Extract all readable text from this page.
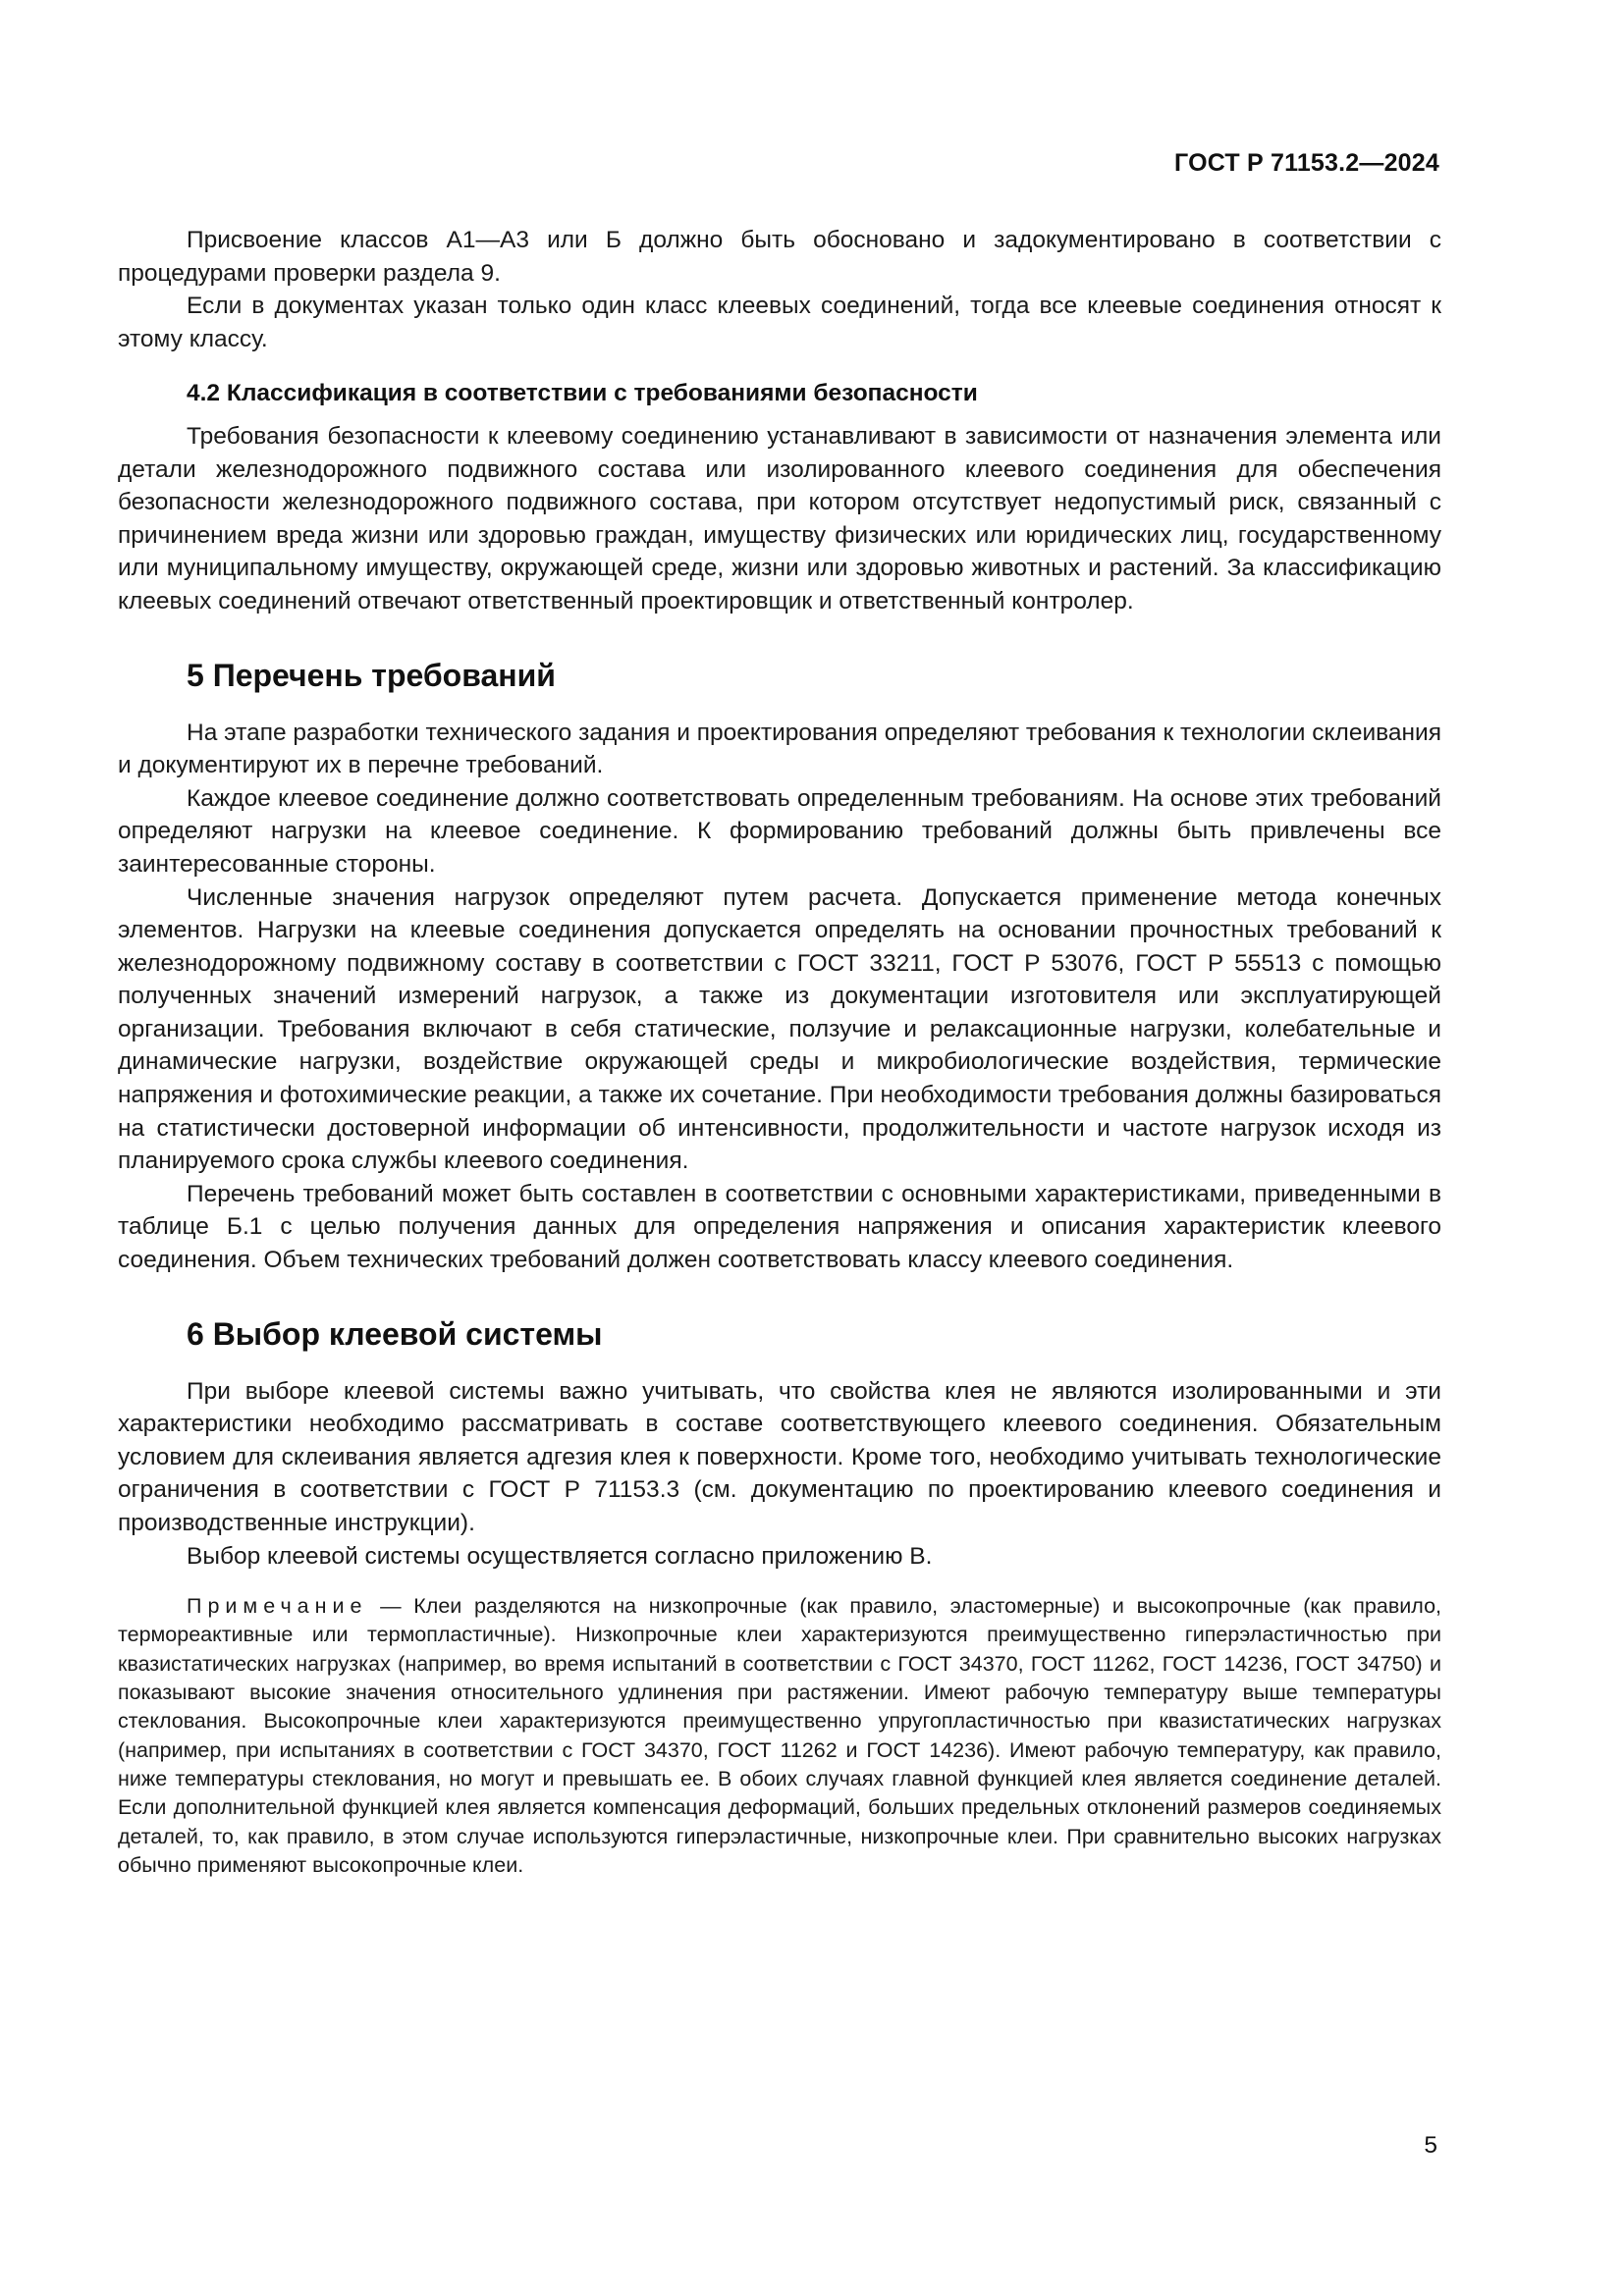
ГОСТ Р 71153.2—2024

Присвоение классов А1—А3 или Б должно быть обосновано и задокументировано в соответствии с процедурами проверки раздела 9.

Если в документах указан только один класс клеевых соединений, тогда все клеевые соединения относят к этому классу.

4.2 Классификация в соответствии с требованиями безопасности

Требования безопасности к клеевому соединению устанавливают в зависимости от назначения элемента или детали железнодорожного подвижного состава или изолированного клеевого соединения для обеспечения безопасности железнодорожного подвижного состава, при котором отсутствует недопустимый риск, связанный с причинением вреда жизни или здоровью граждан, имуществу физических или юридических лиц, государственному или муниципальному имуществу, окружающей среде, жизни или здоровью животных и растений. За классификацию клеевых соединений отвечают ответственный проектировщик и ответственный контролер.

5 Перечень требований

На этапе разработки технического задания и проектирования определяют требования к технологии склеивания и документируют их в перечне требований.

Каждое клеевое соединение должно соответствовать определенным требованиям. На основе этих требований определяют нагрузки на клеевое соединение. К формированию требований должны быть привлечены все заинтересованные стороны.

Численные значения нагрузок определяют путем расчета. Допускается применение метода конечных элементов. Нагрузки на клеевые соединения допускается определять на основании прочностных требований к железнодорожному подвижному составу в соответствии с ГОСТ 33211, ГОСТ Р 53076, ГОСТ Р 55513 с помощью полученных значений измерений нагрузок, а также из документации изготовителя или эксплуатирующей организации. Требования включают в себя статические, ползучие и релаксационные нагрузки, колебательные и динамические нагрузки, воздействие окружающей среды и микробиологические воздействия, термические напряжения и фотохимические реакции, а также их сочетание. При необходимости требования должны базироваться на статистически достоверной информации об интенсивности, продолжительности и частоте нагрузок исходя из планируемого срока службы клеевого соединения.

Перечень требований может быть составлен в соответствии с основными характеристиками, приведенными в таблице Б.1 с целью получения данных для определения напряжения и описания характеристик клеевого соединения. Объем технических требований должен соответствовать классу клеевого соединения.

6 Выбор клеевой системы

При выборе клеевой системы важно учитывать, что свойства клея не являются изолированными и эти характеристики необходимо рассматривать в составе соответствующего клеевого соединения. Обязательным условием для склеивания является адгезия клея к поверхности. Кроме того, необходимо учитывать технологические ограничения в соответствии с ГОСТ Р 71153.3 (см. документацию по проектированию клеевого соединения и производственные инструкции).

Выбор клеевой системы осуществляется согласно приложению В.

Примечание — Клеи разделяются на низкопрочные (как правило, эластомерные) и высокопрочные (как правило, термореактивные или термопластичные). Низкопрочные клеи характеризуются преимущественно гиперэластичностью при квазистатических нагрузках (например, во время испытаний в соответствии с ГОСТ 34370, ГОСТ 11262, ГОСТ 14236, ГОСТ 34750) и показывают высокие значения относительного удлинения при растяжении. Имеют рабочую температуру выше температуры стеклования. Высокопрочные клеи характеризуются преимущественно упругопластичностью при квазистатических нагрузках (например, при испытаниях в соответствии с ГОСТ 34370, ГОСТ 11262 и ГОСТ 14236). Имеют рабочую температуру, как правило, ниже температуры стеклования, но могут и превышать ее. В обоих случаях главной функцией клея является соединение деталей. Если дополнительной функцией клея является компенсация деформаций, больших предельных отклонений размеров соединяемых деталей, то, как правило, в этом случае используются гиперэластичные, низкопрочные клеи. При сравнительно высоких нагрузках обычно применяют высокопрочные клеи.

5
